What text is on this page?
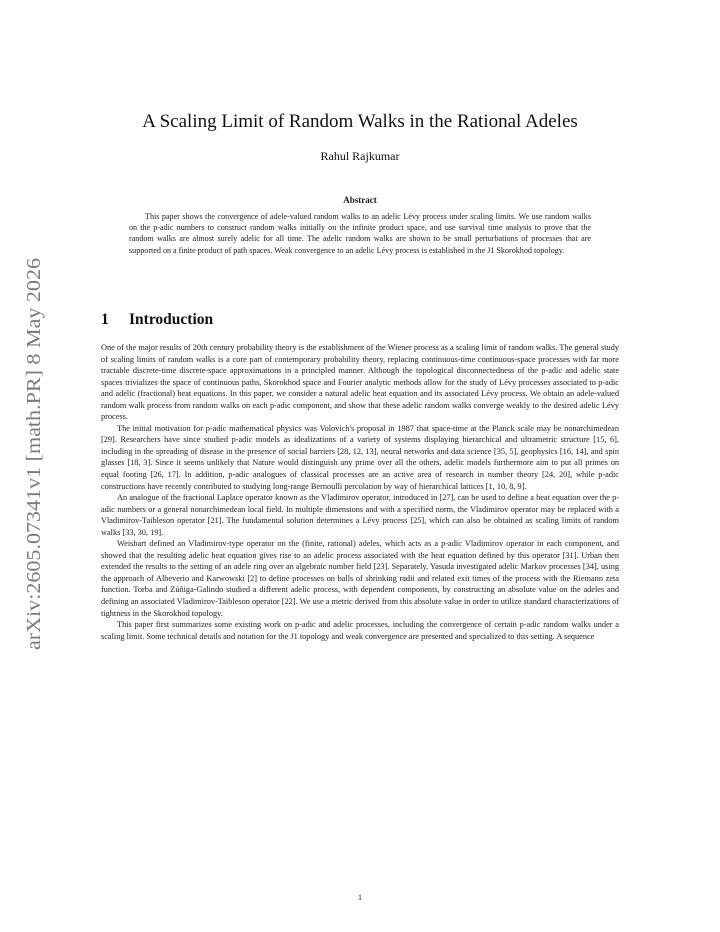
arXiv:2605.07341v1 [math.PR] 8 May 2026
A Scaling Limit of Random Walks in the Rational Adeles
Rahul Rajkumar
Abstract
This paper shows the convergence of adele-valued random walks to an adelic Lévy process under scaling limits. We use random walks on the p-adic numbers to construct random walks initially on the infinite product space, and use survival time analysis to prove that the random walks are almost surely adelic for all time. The adelic random walks are shown to be small perturbations of processes that are supported on a finite product of path spaces. Weak convergence to an adelic Lévy process is established in the J1 Skorokhod topology.
1 Introduction

One of the major results of 20th century probability theory is the establishment of the Wiener process as a scaling limit of random walks. The general study of scaling limits of random walks is a core part of contemporary probability theory, replacing continuous-time continuous-space processes with far more tractable discrete-time discrete-space approximations in a principled manner. Although the topological disconnectedness of the p-adic and adelic state spaces trivializes the space of continuous paths, Skorokhod space and Fourier analytic methods allow for the study of Lévy processes associated to p-adic and adelic (fractional) heat equations. In this paper, we consider a natural adelic heat equation and its associated Lévy process. We obtain an adele-valued random walk process from random walks on each p-adic component, and show that these adelic random walks converge weakly to the desired adelic Lévy process.

The initial motivation for p-adic mathematical physics was Volovich's proposal in 1987 that space-time at the Planck scale may be nonarchimedean [29]. Researchers have since studied p-adic models as idealizations of a variety of systems displaying hierarchical and ultrametric structure [15, 6], including in the spreading of disease in the presence of social barriers [28, 12, 13], neural networks and data science [35, 5], geophysics [16, 14], and spin glasses [18, 3]. Since it seems unlikely that Nature would distinguish any prime over all the others, adelic models furthermore aim to put all primes on equal footing [26, 17]. In addition, p-adic analogues of classical processes are an active area of research in number theory [24, 20], while p-adic constructions have recently contributed to studying long-range Bernoulli percolation by way of hierarchical lattices [1, 10, 8, 9].

An analogue of the fractional Laplace operator known as the Vladimirov operator, introduced in [27], can be used to define a heat equation over the p-adic numbers or a general nonarchimedean local field. In multiple dimensions and with a specified norm, the Vladimirov operator may be replaced with a Vladimirov-Taibleson operator [21]. The fundamental solution determines a Lévy process [25], which can also be obtained as scaling limits of random walks [33, 30, 19].

Weisbart defined an Vladimirov-type operator on the (finite, rational) adeles, which acts as a p-adic Vladimirov operator in each component, and showed that the resulting adelic heat equation gives rise to an adelic process associated with the heat equation defined by this operator [31]. Urban then extended the results to the setting of an adele ring over an algebraic number field [23]. Separately, Yasuda investigated adelic Markov processes [34], using the approach of Albeverio and Karwowski [2] to define processes on balls of shrinking radii and related exit times of the process with the Riemann zeta function. Torba and Zúñiga-Galindo studied a different adelic process, with dependent components, by constructing an absolute value on the adeles and defining an associated Vladimirov-Taibleson operator [22]. We use a metric derived from this absolute value in order to utilize standard characterizations of tightness in the Skorokhod topology.

This paper first summarizes some existing work on p-adic and adelic processes, including the convergence of certain p-adic random walks under a scaling limit. Some technical details and notation for the J1 topology and weak convergence are presented and specialized to this setting. A sequence

1
